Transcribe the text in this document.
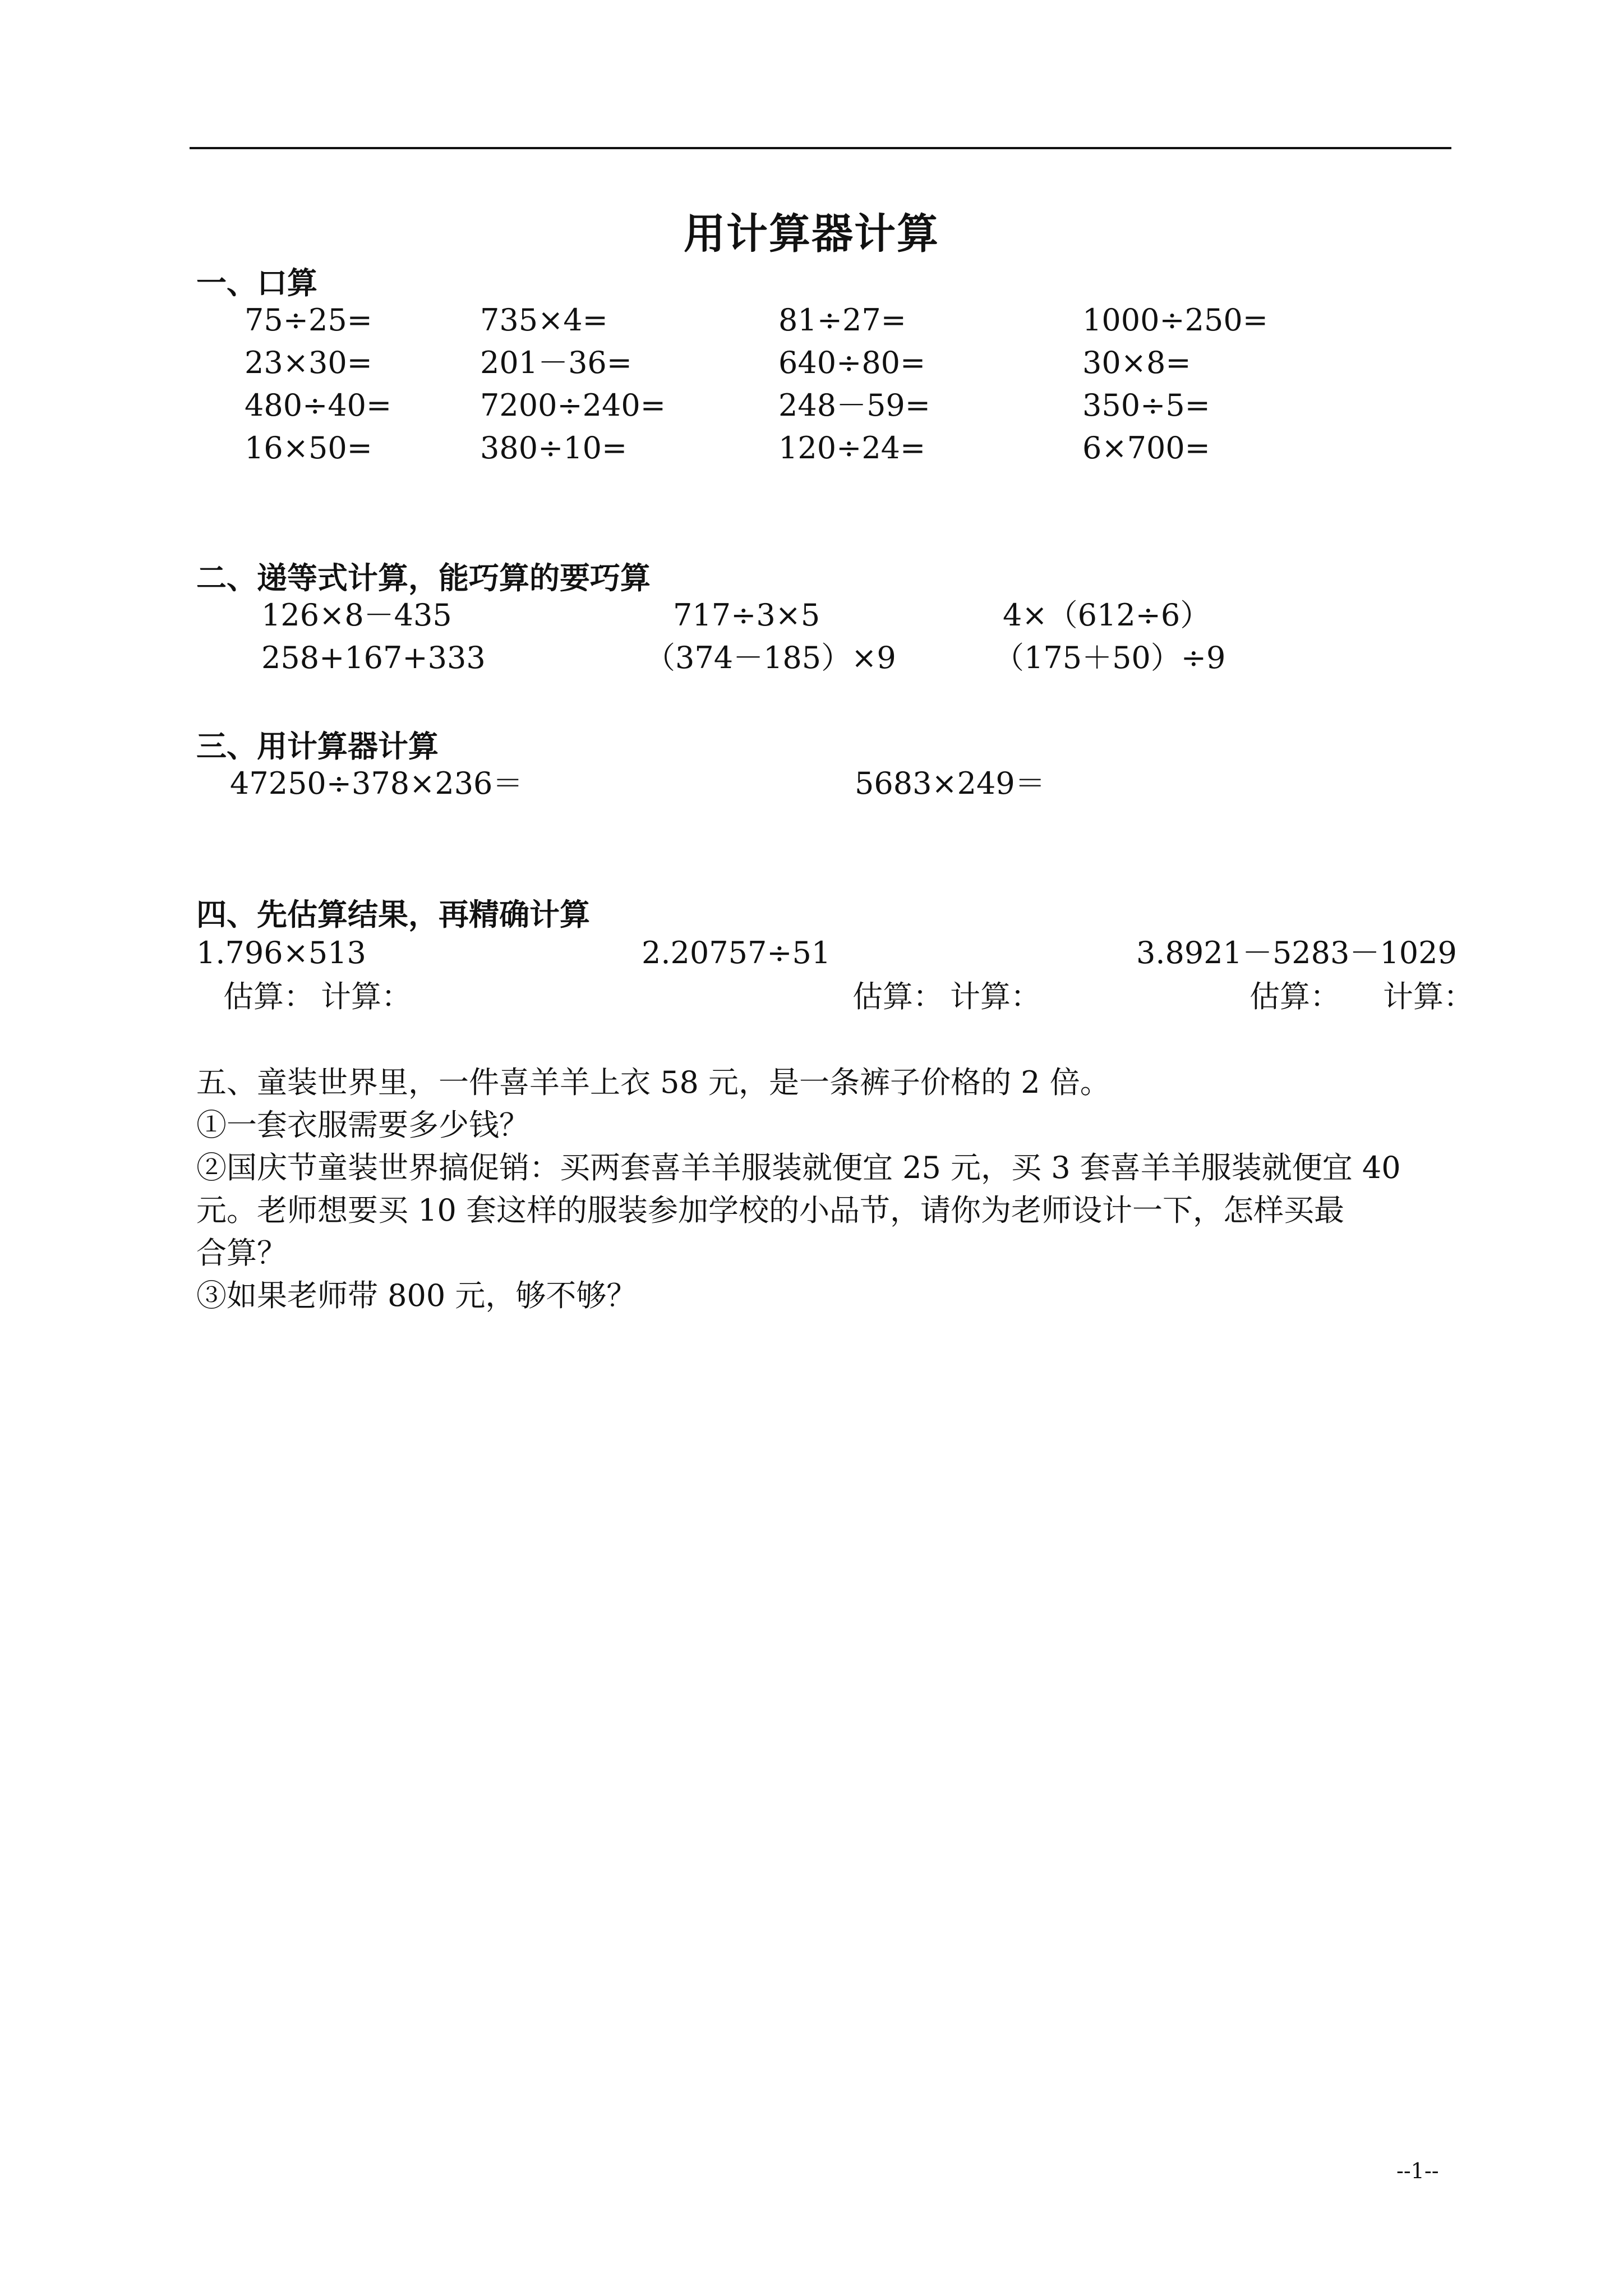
用计算器计算
一、口算
75÷25=	735×4=	81÷27=	1000÷250=
23×30=	201－36=	640÷80=	30×8=
480÷40=	7200÷240=	248－59=	350÷5=
16×50=	380÷10=	120÷24=	6×700=
二、递等式计算，能巧算的要巧算
126×8－435	717÷3×5	4×（612÷6）
258+167+333	（374－185）×9	（175＋50）÷9
三、用计算器计算
47250÷378×236＝	5683×249＝
四、先估算结果，再精确计算
1.796×513	2.20757÷51	3.8921－5283－1029
估算： 计算：	估算： 计算：	估算： 计算：
五、童装世界里，一件喜羊羊上衣 58 元，是一条裤子价格的 2 倍。
①一套衣服需要多少钱？
②国庆节童装世界搞促销：买两套喜羊羊服装就便宜 25 元，买 3 套喜羊羊服装就便宜 40
元。老师想要买 10 套这样的服装参加学校的小品节，请你为老师设计一下，怎样买最
合算？
③如果老师带 800 元，够不够？
--1--
